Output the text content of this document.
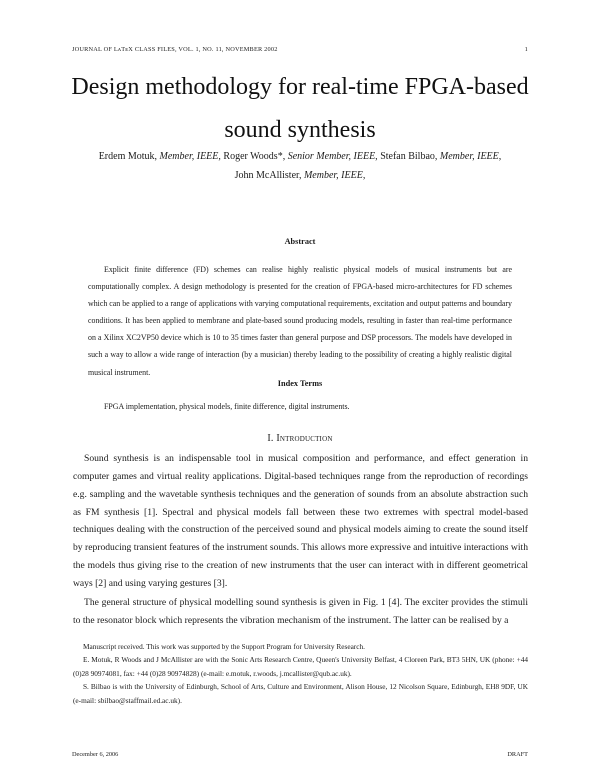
JOURNAL OF LᴀTᴇX CLASS FILES, VOL. 1, NO. 11, NOVEMBER 2002	1
Design methodology for real-time FPGA-based sound synthesis
Erdem Motuk, Member, IEEE, Roger Woods*, Senior Member, IEEE, Stefan Bilbao, Member, IEEE,
John McAllister, Member, IEEE,
Abstract

Explicit finite difference (FD) schemes can realise highly realistic physical models of musical instruments but are computationally complex. A design methodology is presented for the creation of FPGA-based micro-architectures for FD schemes which can be applied to a range of applications with varying computational requirements, excitation and output patterns and boundary conditions. It has been applied to membrane and plate-based sound producing models, resulting in faster than real-time performance on a Xilinx XC2VP50 device which is 10 to 35 times faster than general purpose and DSP processors. The models have developed in such a way to allow a wide range of interaction (by a musician) thereby leading to the possibility of creating a highly realistic digital musical instrument.

Index Terms

FPGA implementation, physical models, finite difference, digital instruments.

I. Introduction

Sound synthesis is an indispensable tool in musical composition and performance, and effect generation in computer games and virtual reality applications. Digital-based techniques range from the reproduction of recordings e.g. sampling and the wavetable synthesis techniques and the generation of sounds from an absolute abstraction such as FM synthesis [1]. Spectral and physical models fall between these two extremes with spectral model-based techniques dealing with the construction of the perceived sound and physical models aiming to create the sound itself by reproducing transient features of the instrument sounds. This allows more expressive and intuitive interactions with the models thus giving rise to the creation of new instruments that the user can interact with in different geometrical ways [2] and using varying gestures [3].

The general structure of physical modelling sound synthesis is given in Fig. 1 [4]. The exciter provides the stimuli to the resonator block which represents the vibration mechanism of the instrument. The latter can be realised by a

Manuscript received. This work was supported by the Support Program for University Research.

E. Motuk, R Woods and J McAllister are with the Sonic Arts Research Centre, Queen's University Belfast, 4 Cloreen Park, BT3 5HN, UK (phone: +44 (0)28 90974081, fax: +44 (0)28 90974828) (e-mail: e.motuk, r.woods, j.mcallister@qub.ac.uk).

S. Bilbao is with the University of Edinburgh, School of Arts, Culture and Environment, Alison House, 12 Nicolson Square, Edinburgh, EH8 9DF, UK (e-mail: sbilbao@staffmail.ed.ac.uk).

December 6, 2006	DRAFT
